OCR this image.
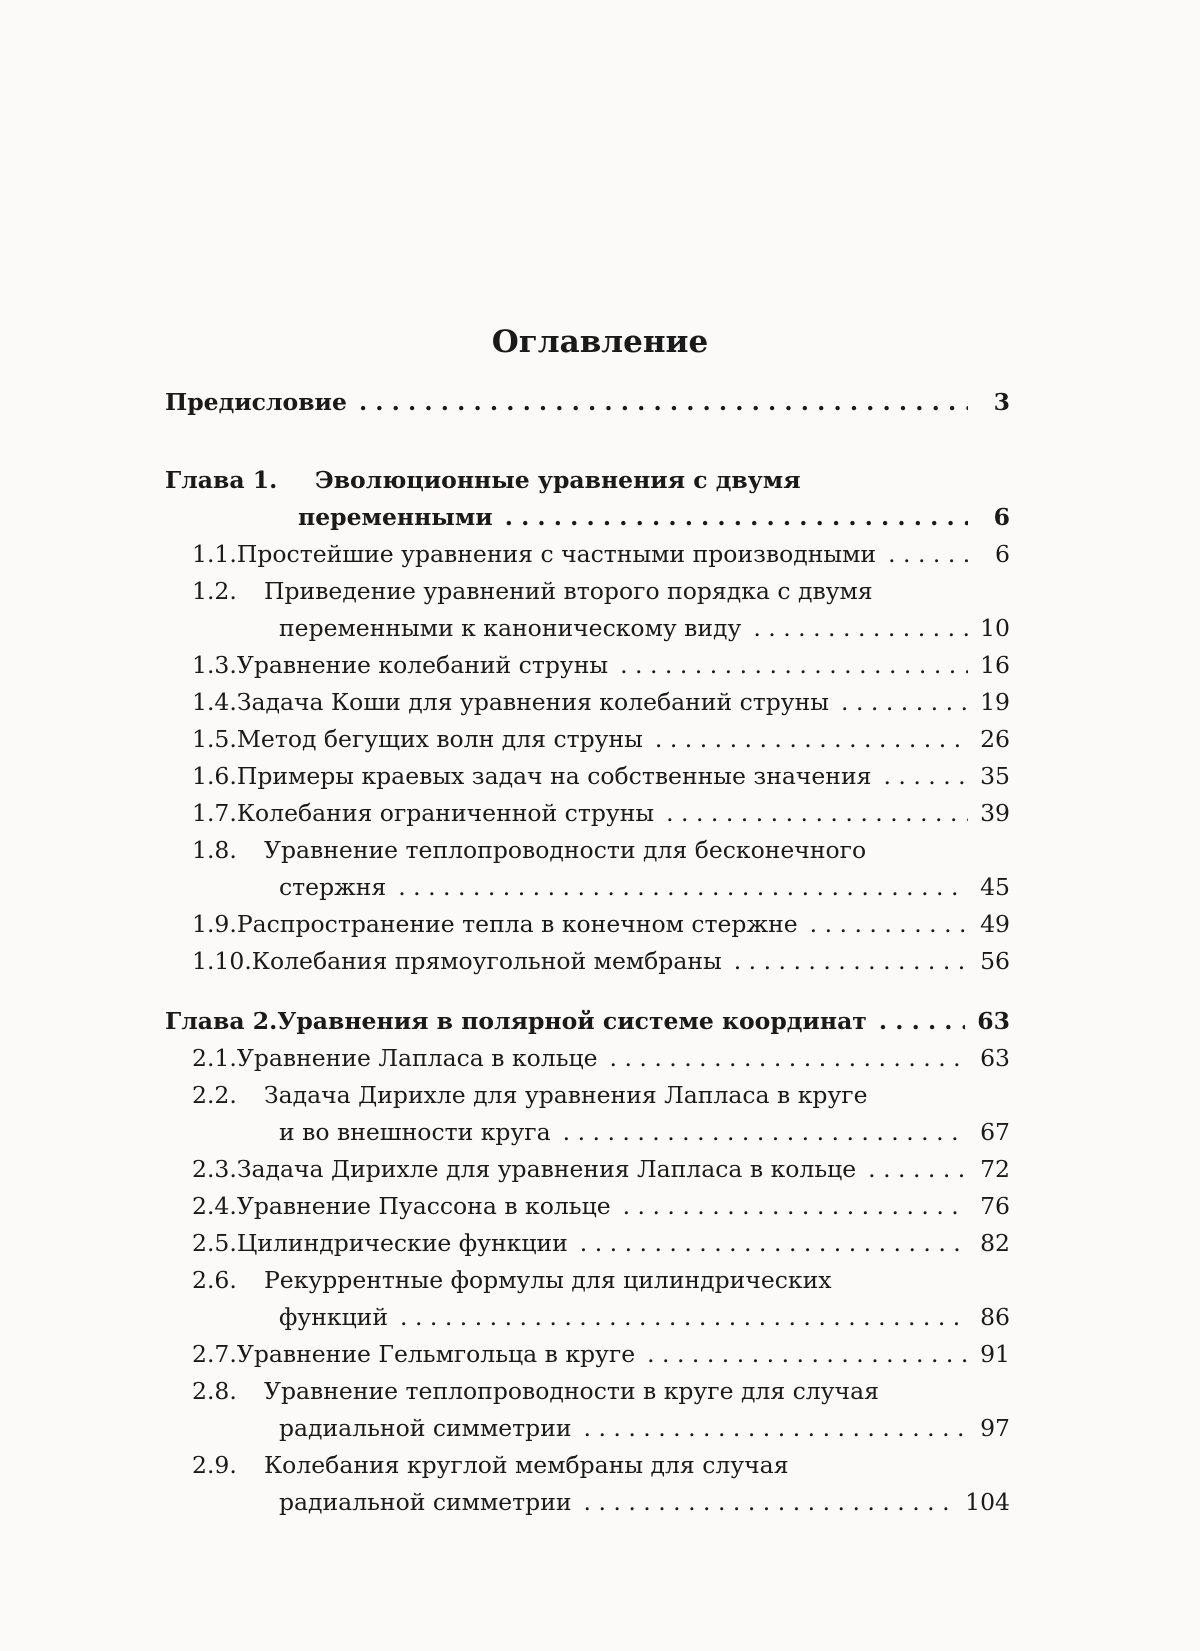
Оглавление
Предисловие . . .	3
Глава 1.	Эволюционные уравнения с двумя
переменными . . .	6
1.1. Простейшие уравнения с частными производными . . .	6
1.2.	Приведение уравнений второго порядка с двумя
переменными к каноническому виду . . .	10
1.3. Уравнение колебаний струны . . .	16
1.4. Задача Коши для уравнения колебаний струны . . .	19
1.5. Метод бегущих волн для струны . . .	26
1.6. Примеры краевых задач на собственные значения . . .	35
1.7. Колебания ограниченной струны . . .	39
1.8.	Уравнение теплопроводности для бесконечного
стержня . . .	45
1.9. Распространение тепла в конечном стержне . . .	49
1.10. Колебания прямоугольной мембраны . . .	56
Глава 2. Уравнения в полярной системе координат . . .	63
2.1. Уравнение Лапласа в кольце . . .	63
2.2.	Задача Дирихле для уравнения Лапласа в круге
и во внешности круга . . .	67
2.3. Задача Дирихле для уравнения Лапласа в кольце . . .	72
2.4. Уравнение Пуассона в кольце . . .	76
2.5. Цилиндрические функции . . .	82
2.6.	Рекуррентные формулы для цилиндрических
функций . . .	86
2.7. Уравнение Гельмгольца в круге . . .	91
2.8.	Уравнение теплопроводности в круге для случая
радиальной симметрии . . .	97
2.9.	Колебания круглой мембраны для случая
радиальной симметрии . . .	104
